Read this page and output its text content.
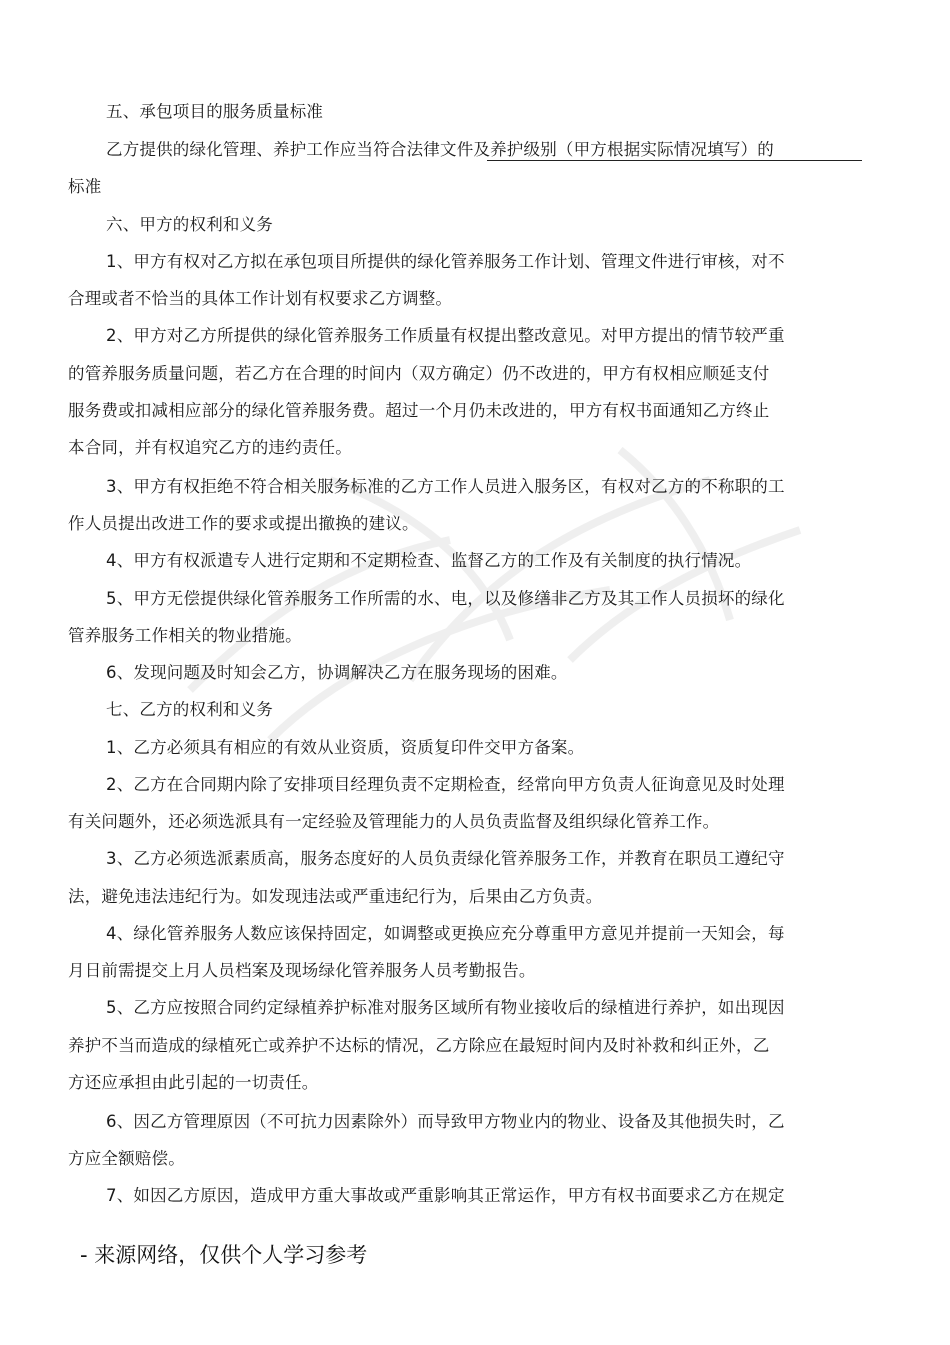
五、承包项目的服务质量标准
乙方提供的绿化管理、养护工作应当符合法律文件及养护级别（甲方根据实际情况填写）的
标准
六、甲方的权利和义务
1、甲方有权对乙方拟在承包项目所提供的绿化管养服务工作计划、管理文件进行审核，对不
合理或者不恰当的具体工作计划有权要求乙方调整。
2、甲方对乙方所提供的绿化管养服务工作质量有权提出整改意见。对甲方提出的情节较严重
的管养服务质量问题，若乙方在合理的时间内（双方确定）仍不改进的，甲方有权相应顺延支付
服务费或扣减相应部分的绿化管养服务费。超过一个月仍未改进的，甲方有权书面通知乙方终止
本合同，并有权追究乙方的违约责任。
3、甲方有权拒绝不符合相关服务标准的乙方工作人员进入服务区，有权对乙方的不称职的工
作人员提出改进工作的要求或提出撤换的建议。
4、甲方有权派遣专人进行定期和不定期检查、监督乙方的工作及有关制度的执行情况。
5、甲方无偿提供绿化管养服务工作所需的水、电，以及修缮非乙方及其工作人员损坏的绿化
管养服务工作相关的物业措施。
6、发现问题及时知会乙方，协调解决乙方在服务现场的困难。
七、乙方的权利和义务
1、乙方必须具有相应的有效从业资质，资质复印件交甲方备案。
2、乙方在合同期内除了安排项目经理负责不定期检查，经常向甲方负责人征询意见及时处理
有关问题外，还必须选派具有一定经验及管理能力的人员负责监督及组织绿化管养工作。
3、乙方必须选派素质高，服务态度好的人员负责绿化管养服务工作，并教育在职员工遵纪守
法，避免违法违纪行为。如发现违法或严重违纪行为，后果由乙方负责。
4、绿化管养服务人数应该保持固定，如调整或更换应充分尊重甲方意见并提前一天知会，每
月日前需提交上月人员档案及现场绿化管养服务人员考勤报告。
5、乙方应按照合同约定绿植养护标准对服务区域所有物业接收后的绿植进行养护，如出现因
养护不当而造成的绿植死亡或养护不达标的情况，乙方除应在最短时间内及时补救和纠正外，乙
方还应承担由此引起的一切责任。
6、因乙方管理原因（不可抗力因素除外）而导致甲方物业内的物业、设备及其他损失时，乙
方应全额赔偿。
7、如因乙方原因，造成甲方重大事故或严重影响其正常运作，甲方有权书面要求乙方在规定
- 来源网络，仅供个人学习参考
